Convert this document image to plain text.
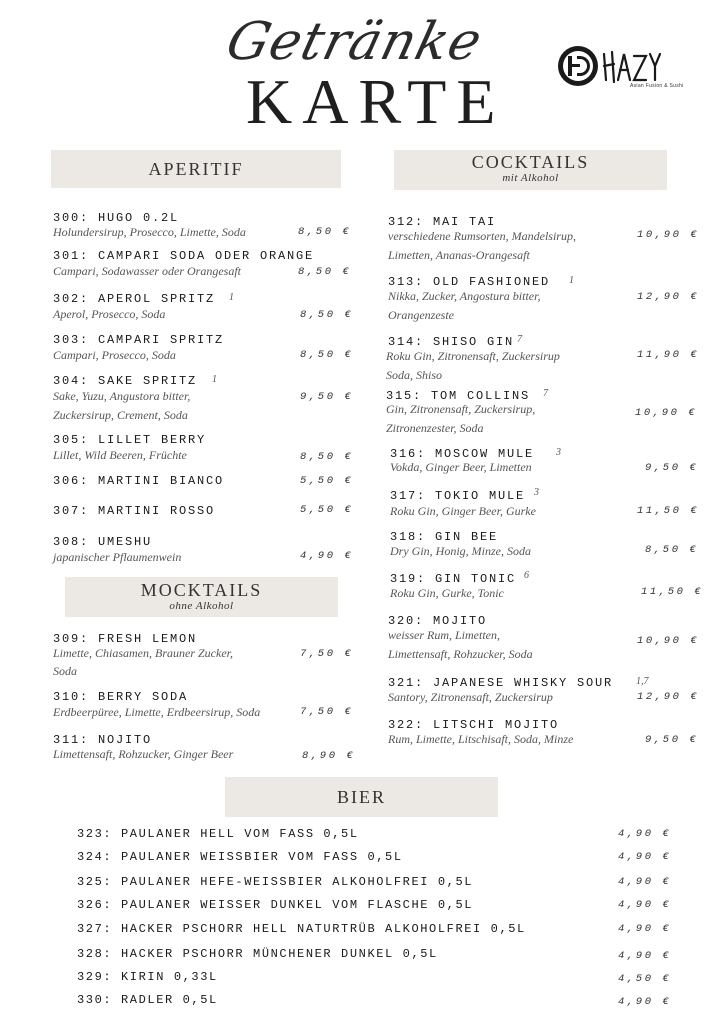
Getränke
KARTE	Asian Fusion & Sushi
APERITIF	COCKTAILS
mit Alkohol
MOCKTAILS
ohne Alkohol
BIER
300: HUGO 0.2L
Holundersirup, Prosecco, Limette, Soda	8,50 €
301: CAMPARI SODA ODER ORANGE
Campari, Sodawasser oder Orangesaft	8,50 €
302: APEROL SPRITZ 1
Aperol, Prosecco, Soda	8,50 €
303: CAMPARI SPRITZ
Campari, Prosecco, Soda	8,50 €
304: SAKE SPRITZ 1
Sake, Yuzu, Angustora bitter,
Zuckersirup, Crement, Soda
9,50 €
305: LILLET BERRY
Lillet, Wild Beeren, Früchte	8,50 €
306: MARTINI BIANCO	5,50 €
307: MARTINI ROSSO	5,50 €
308: UMESHU
japanischer Pflaumenwein	4,90 €
309: FRESH LEMON
Limette, Chiasamen, Brauner Zucker,
Soda
7,50 €
310: BERRY SODA
Erdbeerpüree, Limette, Erdbeersirup, Soda	7,50 €
311: NOJITO
Limettensaft, Rohzucker, Ginger Beer	8,90 €
312: MAI TAI
verschiedene Rumsorten, Mandelsirup,
Limetten, Ananas-Orangesaft
10,90 €
313: OLD FASHIONED 1
Nikka, Zucker, Angostura bitter,
Orangenzeste
12,90 €
314: SHISO GIN 7
Roku Gin, Zitronensaft, Zuckersirup
Soda, Shiso
11,90 €
315: TOM COLLINS 7
Gin, Zitronensaft, Zuckersirup,
Zitronenzester, Soda
10,90 €
316: MOSCOW MULE 3
Vokda, Ginger Beer, Limetten	9,50 €
317: TOKIO MULE 3
Roku Gin, Ginger Beer, Gurke	11,50 €
318: GIN BEE
Dry Gin, Honig, Minze, Soda	8,50 €
319: GIN TONIC 6
Roku Gin, Gurke, Tonic	11,50 €
320: MOJITO
weisser Rum, Limetten,
Limettensaft, Rohzucker, Soda
10,90 €
321: JAPANESE WHISKY SOUR 1,7
Santory, Zitronensaft, Zuckersirup	12,90 €
322: LITSCHI MOJITO
Rum, Limette, Litschisaft, Soda, Minze	9,50 €
323: PAULANER HELL VOM FASS 0,5L	4,90 €
324: PAULANER WEISSBIER VOM FASS 0,5L	4,90 €
325: PAULANER HEFE-WEISSBIER ALKOHOLFREI 0,5L	4,90 €
326: PAULANER WEISSER DUNKEL VOM FLASCHE 0,5L	4,90 €
327: HACKER PSCHORR HELL NATURTRÜB ALKOHOLFREI 0,5L	4,90 €
328: HACKER PSCHORR MÜNCHENER DUNKEL 0,5L	4,90 €
329: KIRIN 0,33L	4,50 €
330: RADLER 0,5L	4,90 €
